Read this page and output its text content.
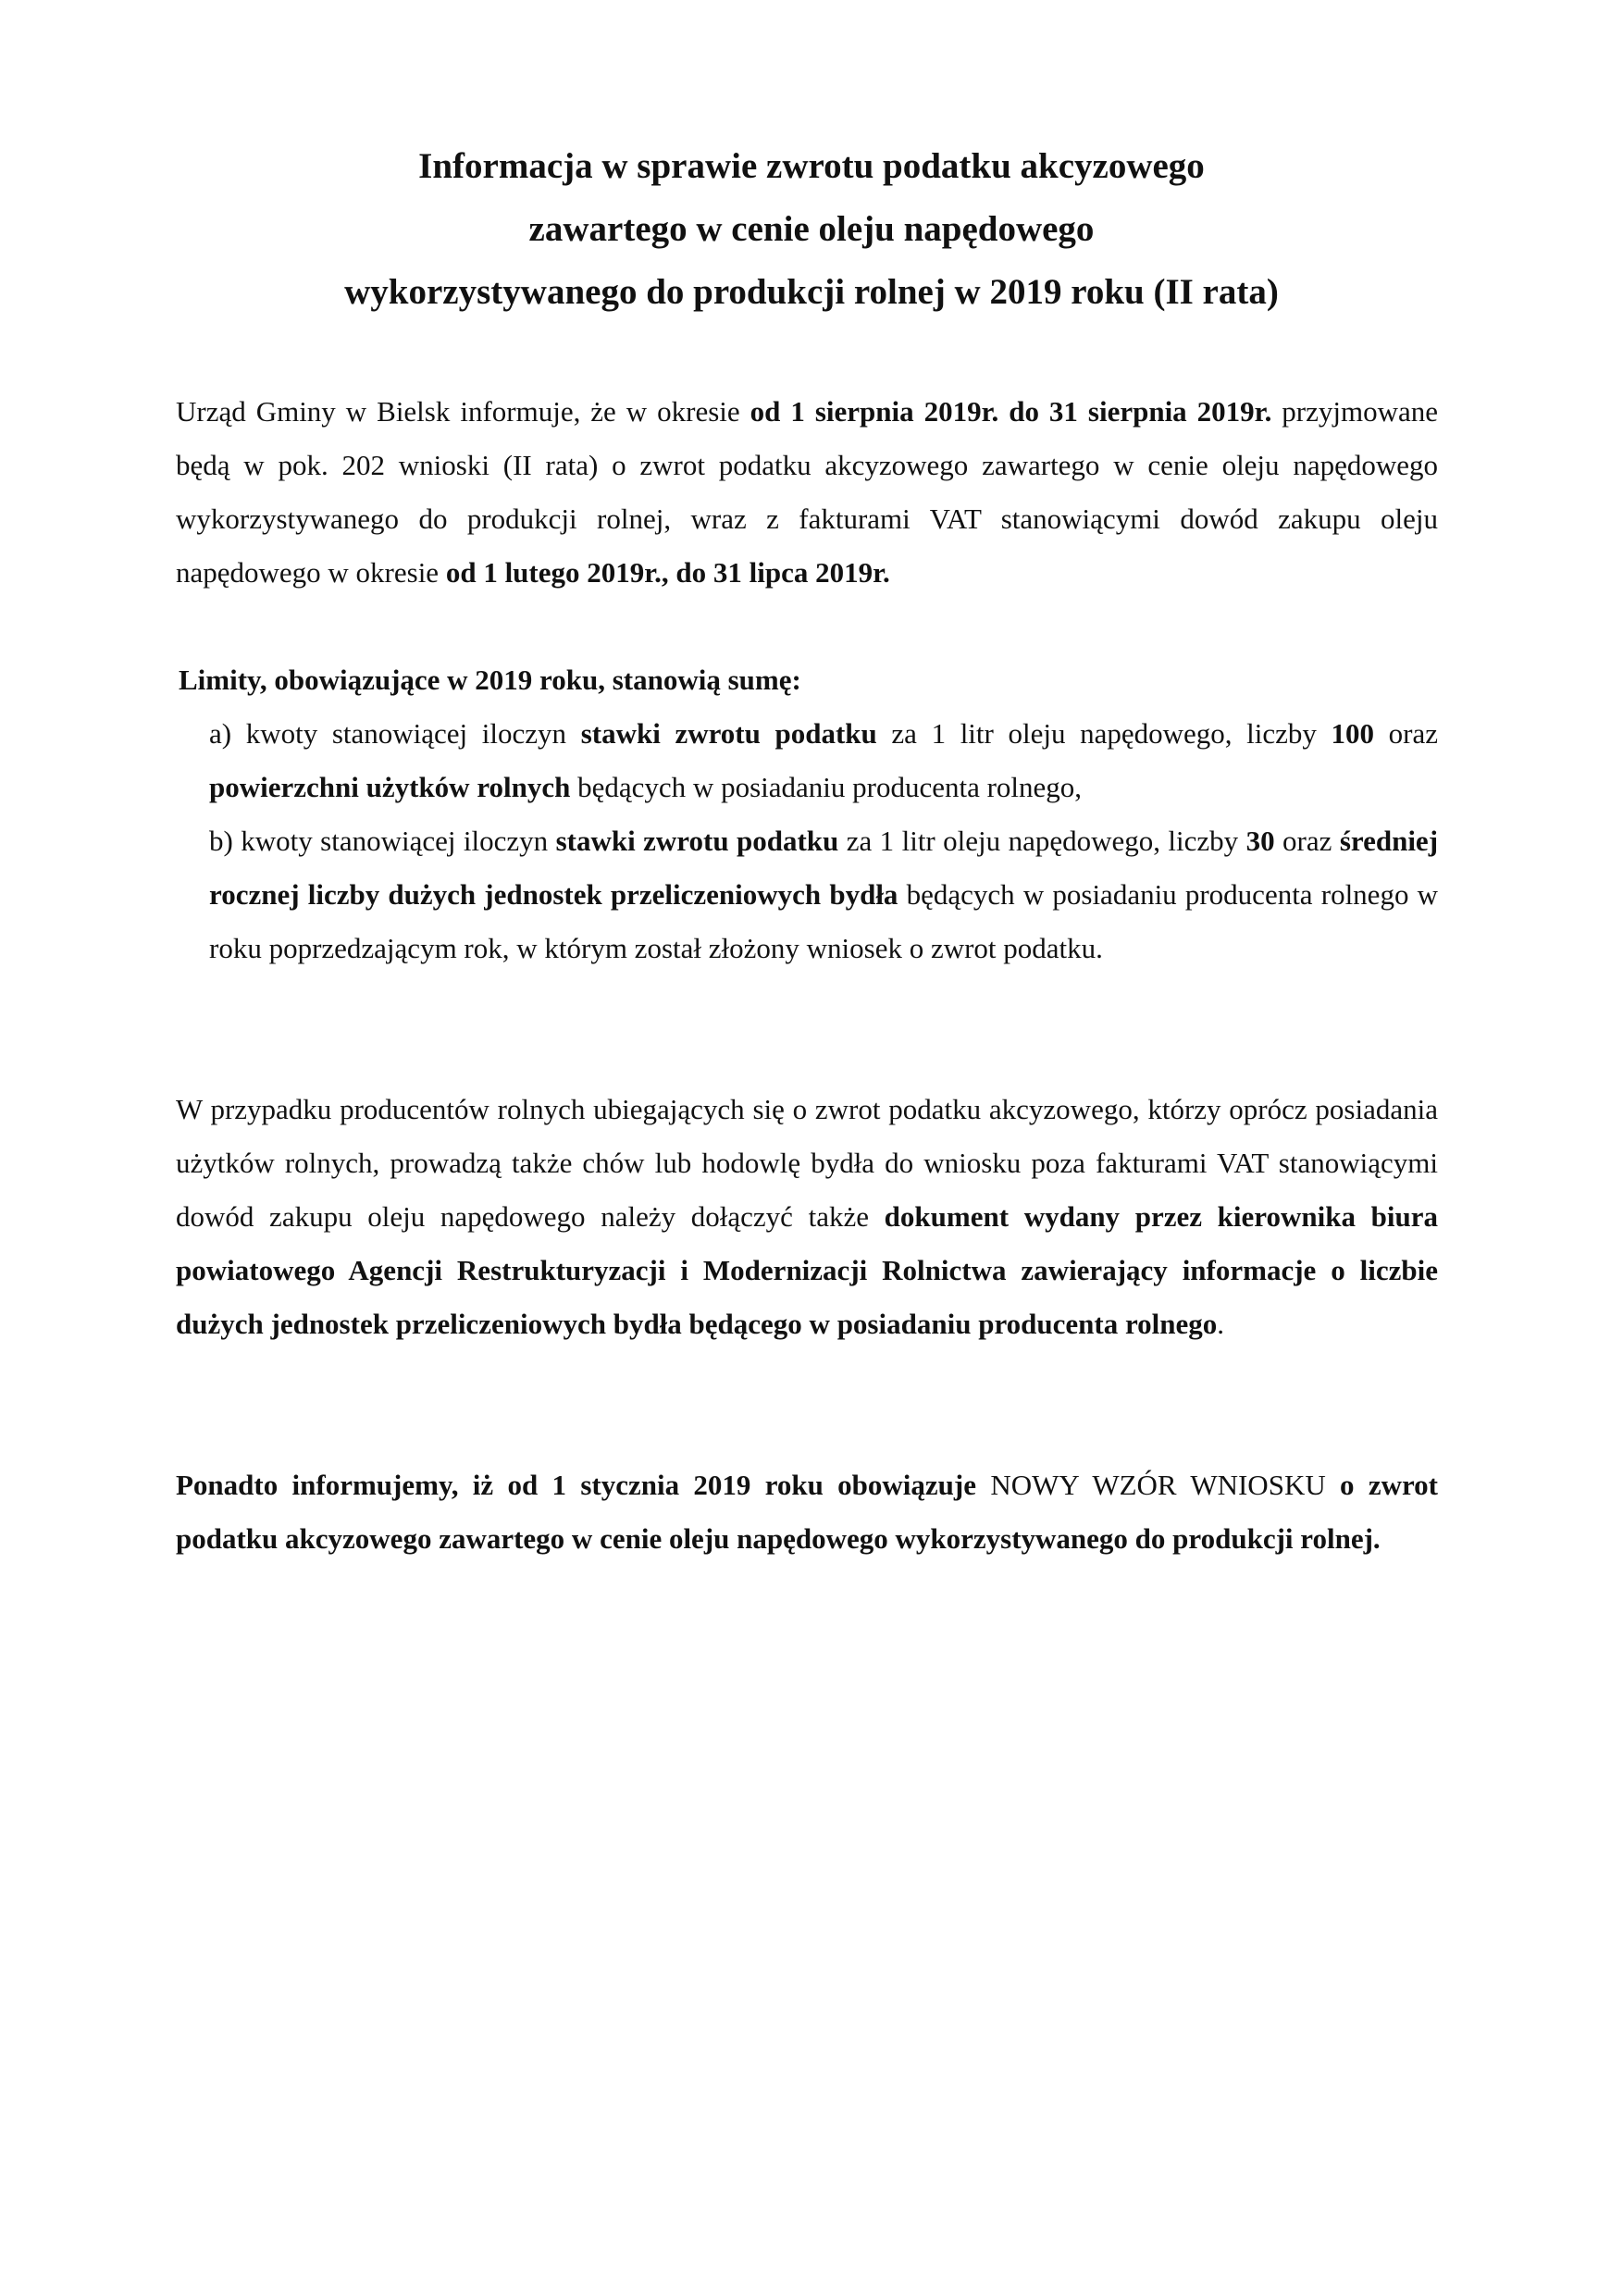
Informacja w sprawie zwrotu podatku akcyzowego
zawartego w cenie oleju napędowego
wykorzystywanego do produkcji rolnej w 2019 roku (II rata)

Urząd Gminy w Bielsk informuje, że w okresie od 1 sierpnia 2019r. do 31 sierpnia 2019r. przyjmowane będą w pok. 202 wnioski (II rata) o zwrot podatku akcyzowego zawartego w cenie oleju napędowego wykorzystywanego do produkcji rolnej, wraz z fakturami VAT stanowiącymi dowód zakupu oleju napędowego w okresie od 1 lutego 2019r., do 31 lipca 2019r.

Limity, obowiązujące w 2019 roku, stanowią sumę:

a) kwoty stanowiącej iloczyn stawki zwrotu podatku za 1 litr oleju napędowego, liczby 100 oraz powierzchni użytków rolnych będących w posiadaniu producenta rolnego,

b) kwoty stanowiącej iloczyn stawki zwrotu podatku za 1 litr oleju napędowego, liczby 30 oraz średniej rocznej liczby dużych jednostek przeliczeniowych bydła będących w posiadaniu producenta rolnego w roku poprzedzającym rok, w którym został złożony wniosek o zwrot podatku.

W przypadku producentów rolnych ubiegających się o zwrot podatku akcyzowego, którzy oprócz posiadania użytków rolnych, prowadzą także chów lub hodowlę bydła do wniosku poza fakturami VAT stanowiącymi dowód zakupu oleju napędowego należy dołączyć także dokument wydany przez kierownika biura powiatowego Agencji Restrukturyzacji i Modernizacji Rolnictwa zawierający informacje o liczbie dużych jednostek przeliczeniowych bydła będącego w posiadaniu producenta rolnego.

Ponadto informujemy, iż od 1 stycznia 2019 roku obowiązuje NOWY WZÓR WNIOSKU o zwrot podatku akcyzowego zawartego w cenie oleju napędowego wykorzystywanego do produkcji rolnej.
